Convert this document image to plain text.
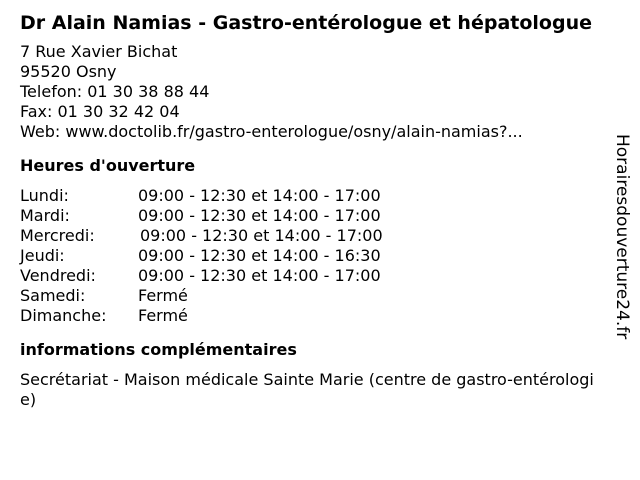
Dr Alain Namias - Gastro-entérologue et hépatologue
7 Rue Xavier Bichat
95520 Osny
Telefon: 01 30 38 88 44
Fax: 01 30 32 42 04
Web: www.doctolib.fr/gastro-enterologue/osny/alain-namias?...
Heures d'ouverture
Lundi:	09:00 - 12:30 et 14:00 - 17:00
Mardi:	09:00 - 12:30 et 14:00 - 17:00
Mercredi:	09:00 - 12:30 et 14:00 - 17:00
Jeudi:	09:00 - 12:30 et 14:00 - 16:30
Vendredi:	09:00 - 12:30 et 14:00 - 17:00
Samedi:	Fermé
Dimanche: Fermé
informations complémentaires
Secrétariat - Maison médicale Sainte Marie (centre de gastro-entérologie)
Horairesdouverture24.fr
